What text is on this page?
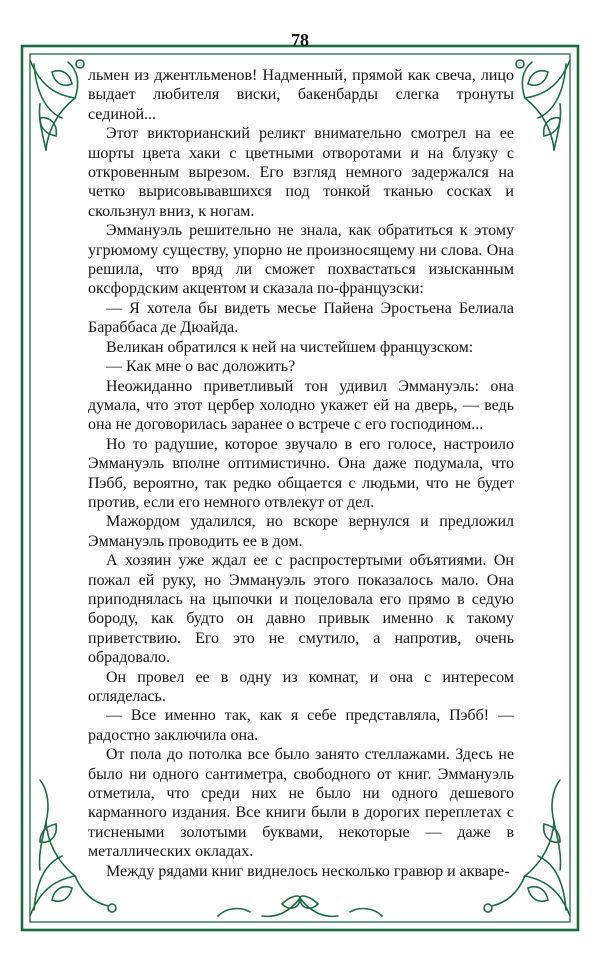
78

льмен из джентльменов! Надменный, прямой как свеча, лицо выдает любителя виски, бакенбарды слегка тронуты сединой...

Этот викторианский реликт внимательно смотрел на ее шорты цвета хаки с цветными отворотами и на блузку с откровенным вырезом. Его взгляд немного задержался на четко вырисовывавшихся под тонкой тканью сосках и скользнул вниз, к ногам.

Эммануэль решительно не знала, как обратиться к этому угрюмому существу, упорно не произносящему ни слова. Она решила, что вряд ли сможет похвастаться изысканным оксфордским акцентом и сказала по-французски:

— Я хотела бы видеть месье Пайена Эростьена Белиала Бараббаса де Дюайда.

Великан обратился к ней на чистейшем французском:

— Как мне о вас доложить?

Неожиданно приветливый тон удивил Эммануэль: она думала, что этот цербер холодно укажет ей на дверь, — ведь она не договорилась заранее о встрече с его господином...

Но то радушие, которое звучало в его голосе, настроило Эммануэль вполне оптимистично. Она даже подумала, что Пэбб, вероятно, так редко общается с людьми, что не будет против, если его немного отвлекут от дел.

Мажордом удалился, но вскоре вернулся и предложил Эммануэль проводить ее в дом.

А хозяин уже ждал ее с распростертыми объятиями. Он пожал ей руку, но Эммануэль этого показалось мало. Она приподнялась на цыпочки и поцеловала его прямо в седую бороду, как будто он давно привык именно к такому приветствию. Его это не смутило, а напротив, очень обрадовало.

Он провел ее в одну из комнат, и она с интересом огляделась.

— Все именно так, как я себе представляла, Пэбб! — радостно заключила она.

От пола до потолка все было занято стеллажами. Здесь не было ни одного сантиметра, свободного от книг. Эммануэль отметила, что среди них не было ни одного дешевого карманного издания. Все книги были в дорогих переплетах с тиснеными золотыми буквами, некоторые — даже в металлических окладах.

Между рядами книг виднелось несколько гравюр и акваре-
